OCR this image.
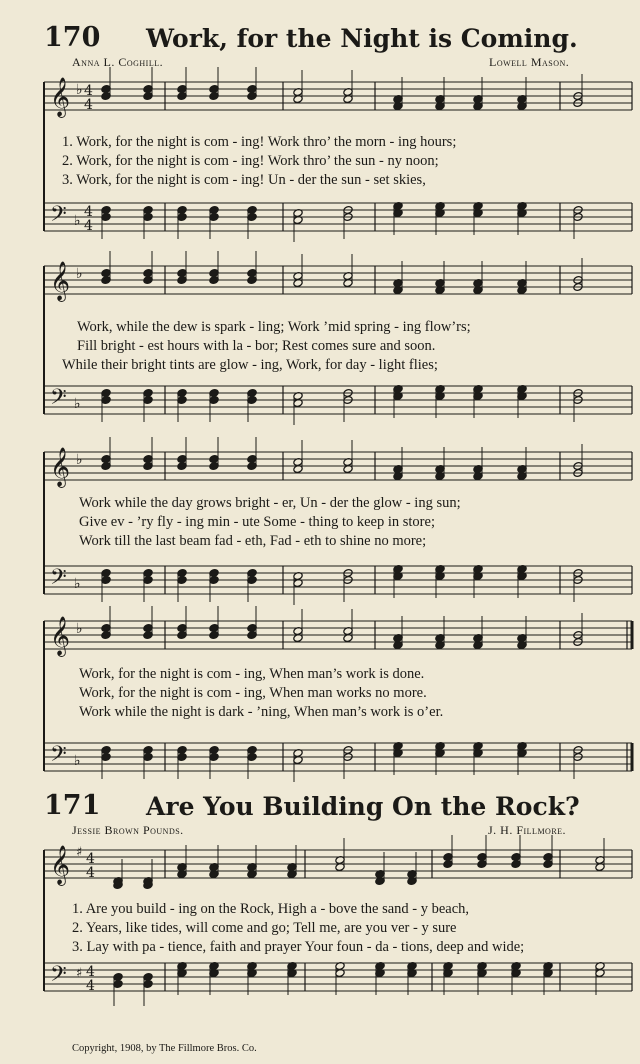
170 Work, for the Night is Coming.
Anna L. Coghill.	Lowell Mason.
𝄞
𝄢
♭
♭
4
4
4
4
𝄞
𝄢
♭
♭
𝄞
𝄢
♭
♭
𝄞
𝄢
♭
♭
𝄞
𝄢
♯
♯
4
4
4
4
1. Work, for the night is com - ing! Work thro’ the morn - ing hours;
2. Work, for the night is com - ing! Work thro’ the sun - ny noon;
3. Work, for the night is com - ing! Un - der the sun - set skies,
Work, while the dew is spark - ling; Work ’mid spring - ing flow’rs;
Fill bright - est hours with la - bor; Rest comes sure and soon.
While their bright tints are glow - ing, Work, for day - light flies;
Work while the day grows bright - er, Un - der the glow - ing sun;
Give ev - ’ry fly - ing min - ute Some - thing to keep in store;
Work till the last beam fad - eth, Fad - eth to shine no more;
Work, for the night is com - ing, When man’s work is done.
Work, for the night is com - ing, When man works no more.
Work while the night is dark - ’ning, When man’s work is o’er.
171 Are You Building On the Rock?
Jessie Brown Pounds.	J. H. Fillmore.
1. Are you build - ing on the Rock, High a - bove the sand - y beach,
2. Years, like tides, will come and go; Tell me, are you ver - y sure
3. Lay with pa - tience, faith and prayer Your foun - da - tions, deep and wide;
Copyright, 1908, by The Fillmore Bros. Co.
